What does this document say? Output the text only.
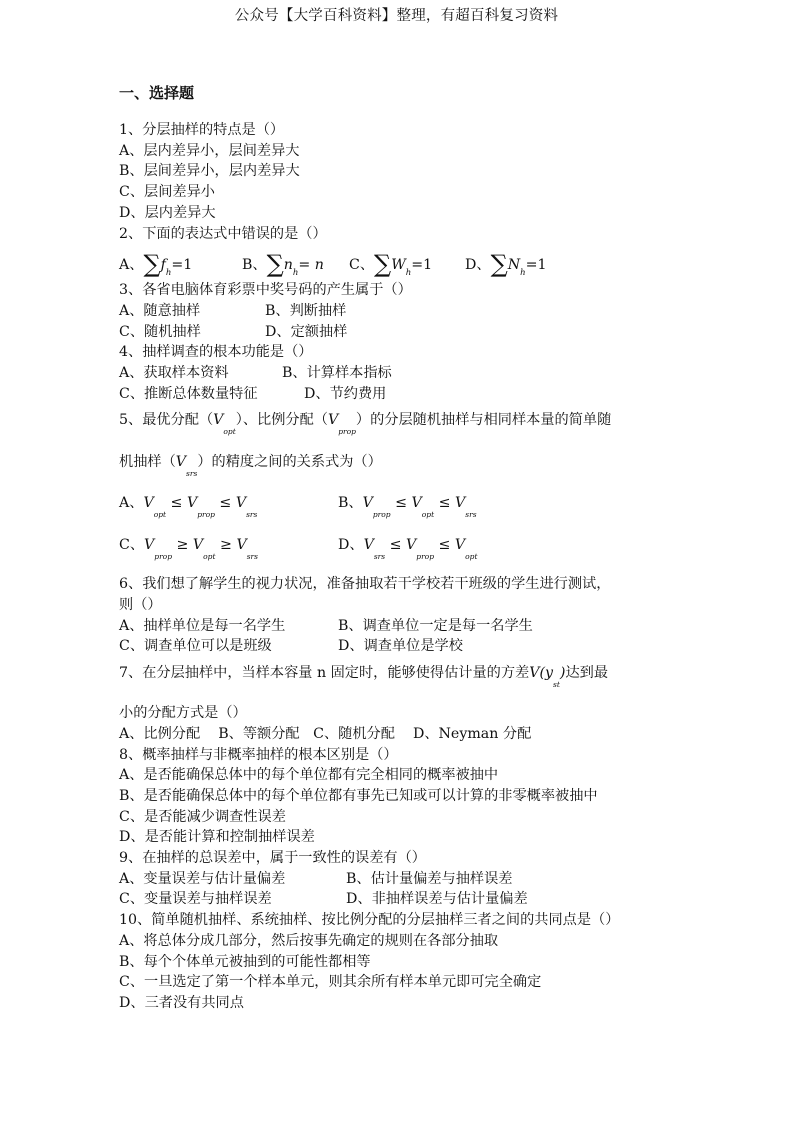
公众号【大学百科资料】整理，有超百科复习资料
一、选择题
1、分层抽样的特点是（）
A、层内差异小，层间差异大
B、层间差异小，层内差异大
C、层间差异小
D、层内差异大
2、下面的表达式中错误的是（）
A、$\sum f_h=1$	B、$\sum n_h= n$ C、$\sum W_h=1$ D、$\sum N_h=1$
3、各省电脑体育彩票中奖号码的产生属于（）
A、随意抽样	B、判断抽样
C、随机抽样	D、定额抽样
4、抽样调查的根本功能是（）
A、获取样本资料	B、计算样本指标
C、推断总体数量特征	D、节约费用
5、最优分配$(V_{opt})$、比例分配$(V_{prop})$的分层随机抽样与相同样本量的简单随
机抽样$(V_{srs})$的精度之间的关系式为（）
A、$V_{opt} \le V_{prop} \le V_{srs}$
B、$V_{prop} \le V_{opt} \le V_{srs}$
C、$V_{prop} \ge V_{opt} \ge V_{srs}$
D、$V_{srs} \le V_{prop} \le V_{opt}$
6、我们想了解学生的视力状况，准备抽取若干学校若干班级的学生进行测试，
则（）
A、抽样单位是每一名学生	B、调查单位一定是每一名学生
C、调查单位可以是班级	D、调查单位是学校
7、在分层抽样中，当样本容量 n 固定时，能够使得估计量的方差$V(y_{st})$达到最
小的分配方式是（）
A、比例分配    B、等额分配   C、随机分配    D、Neyman 分配
8、概率抽样与非概率抽样的根本区别是（）
A、是否能确保总体中的每个单位都有完全相同的概率被抽中
B、是否能确保总体中的每个单位都有事先已知或可以计算的非零概率被抽中
C、是否能减少调查性误差
D、是否能计算和控制抽样误差
9、在抽样的总误差中，属于一致性的误差有（）
A、变量误差与估计量偏差	B、估计量偏差与抽样误差
C、变量误差与抽样误差	D、非抽样误差与估计量偏差
10、简单随机抽样、系统抽样、按比例分配的分层抽样三者之间的共同点是（）
A、将总体分成几部分，然后按事先确定的规则在各部分抽取
B、每个个体单元被抽到的可能性都相等
C、一旦选定了第一个样本单元，则其余所有样本单元即可完全确定
D、三者没有共同点
